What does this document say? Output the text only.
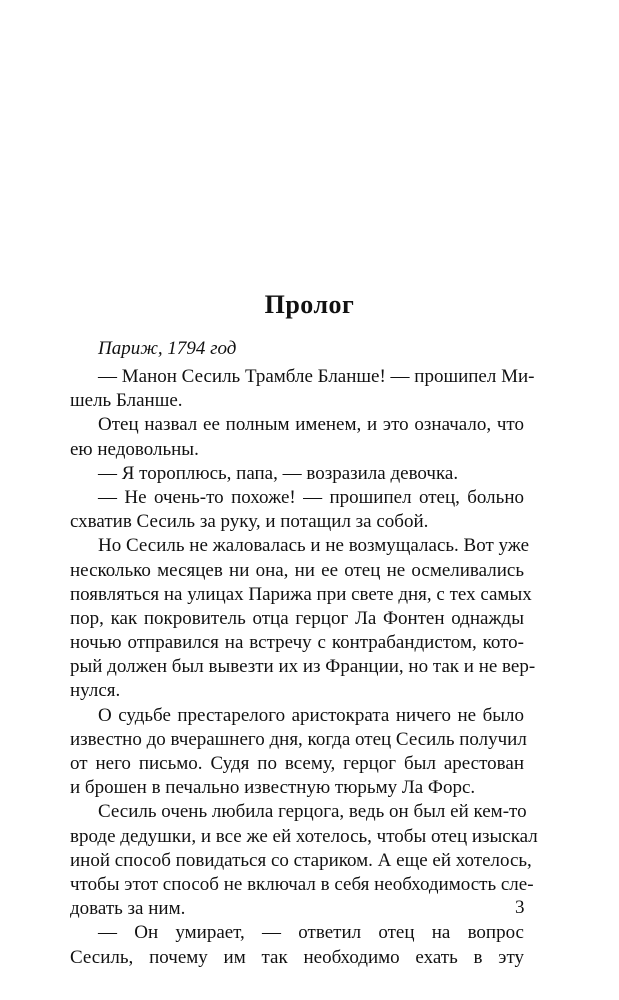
Пролог
Париж, 1794 год
— Манон Сесиль Трамбле Бланше! — прошипел Ми-
шель Бланше.
Отец назвал ее полным именем, и это означало, что
ею недовольны.
— Я тороплюсь, папа, — возразила девочка.
— Не очень-то похоже! — прошипел отец, больно
схватив Сесиль за руку, и потащил за собой.
Но Сесиль не жаловалась и не возмущалась. Вот уже
несколько месяцев ни она, ни ее отец не осмеливались
появляться на улицах Парижа при свете дня, с тех самых
пор, как покровитель отца герцог Ла Фонтен однажды
ночью отправился на встречу с контрабандистом, кото-
рый должен был вывезти их из Франции, но так и не вер-
нулся.
О судьбе престарелого аристократа ничего не было
известно до вчерашнего дня, когда отец Сесиль получил
от него письмо. Судя по всему, герцог был арестован
и брошен в печально известную тюрьму Ла Форс.
Сесиль очень любила герцога, ведь он был ей кем-то
вроде дедушки, и все же ей хотелось, чтобы отец изыскал
иной способ повидаться со стариком. А еще ей хотелось,
чтобы этот способ не включал в себя необходимость сле-
довать за ним.
— Он умирает, — ответил отец на вопрос
Сесиль, почему им так необходимо ехать в эту
3
